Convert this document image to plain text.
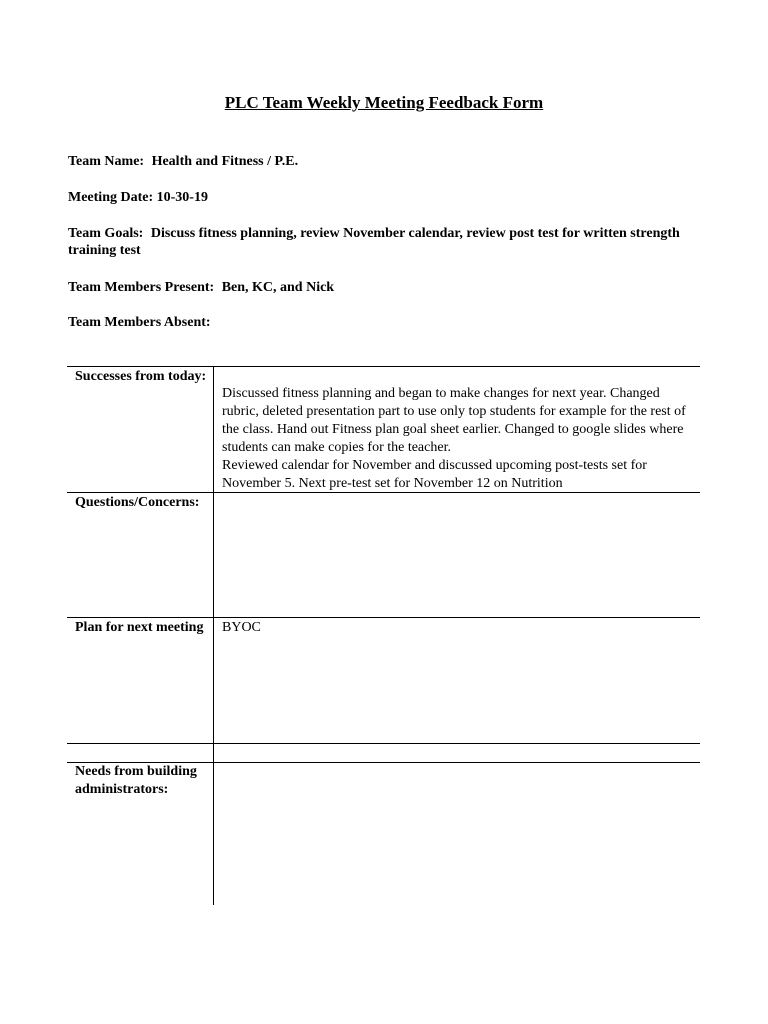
PLC Team Weekly Meeting Feedback Form
Team Name: Health and Fitness / P.E.
Meeting Date: 10-30-19
Team Goals: Discuss fitness planning, review November calendar, review post test for written strength training test
Team Members Present: Ben, KC, and Nick
Team Members Absent:
Successes from today:
Discussed fitness planning and began to make changes for next year. Changed rubric, deleted presentation part to use only top students for example for the rest of the class. Hand out Fitness plan goal sheet earlier. Changed to google slides where students can make copies for the teacher.
Reviewed calendar for November and discussed upcoming post-tests set for November 5. Next pre-test set for November 12 on Nutrition
Questions/Concerns:
Plan for next meeting	BYOC
Needs from building administrators:
